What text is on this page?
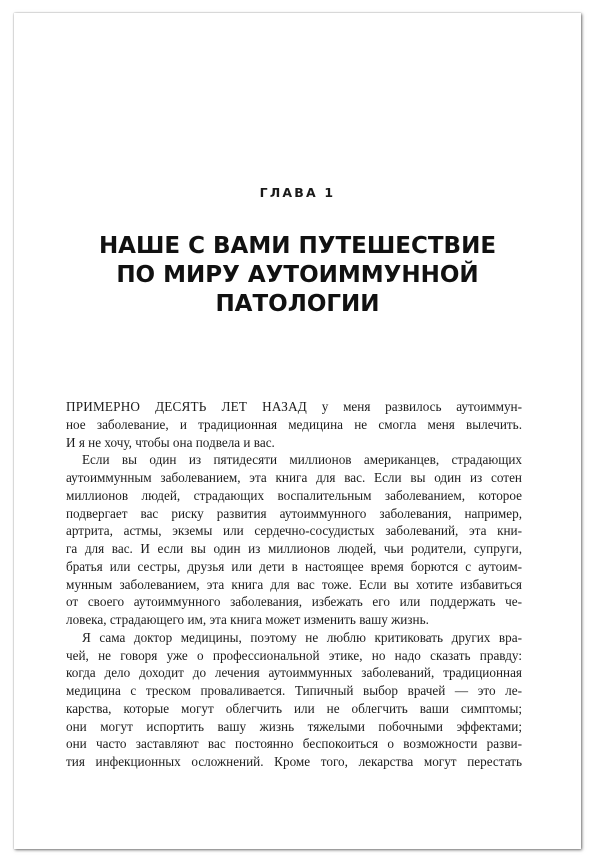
ГЛАВА 1
НАШЕ С ВАМИ ПУТЕШЕСТВИЕ
ПО МИРУ АУТОИММУННОЙ
ПАТОЛОГИИ

ПРИМЕРНО ДЕСЯТЬ ЛЕТ НАЗАД у меня развилось аутоиммун-
ное заболевание, и традиционная медицина не смогла меня вылечить.
И я не хочу, чтобы она подвела и вас.

Если вы один из пятидесяти миллионов американцев, страдающих
аутоиммунным заболеванием, эта книга для вас. Если вы один из сотен
миллионов людей, страдающих воспалительным заболеванием, которое
подвергает вас риску развития аутоиммунного заболевания, например,
артрита, астмы, экземы или сердечно-сосудистых заболеваний, эта кни-
га для вас. И если вы один из миллионов людей, чьи родители, супруги,
братья или сестры, друзья или дети в настоящее время борются с аутоим-
мунным заболеванием, эта книга для вас тоже. Если вы хотите избавиться
от своего аутоиммунного заболевания, избежать его или поддержать че-
ловека, страдающего им, эта книга может изменить вашу жизнь.

Я сама доктор медицины, поэтому не люблю критиковать других вра-
чей, не говоря уже о профессиональной этике, но надо сказать правду:
когда дело доходит до лечения аутоиммунных заболеваний, традиционная
медицина с треском проваливается. Типичный выбор врачей — это ле-
карства, которые могут облегчить или не облегчить ваши симптомы;
они могут испортить вашу жизнь тяжелыми побочными эффектами;
они часто заставляют вас постоянно беспокоиться о возможности разви-
тия инфекционных осложнений. Кроме того, лекарства могут перестать
